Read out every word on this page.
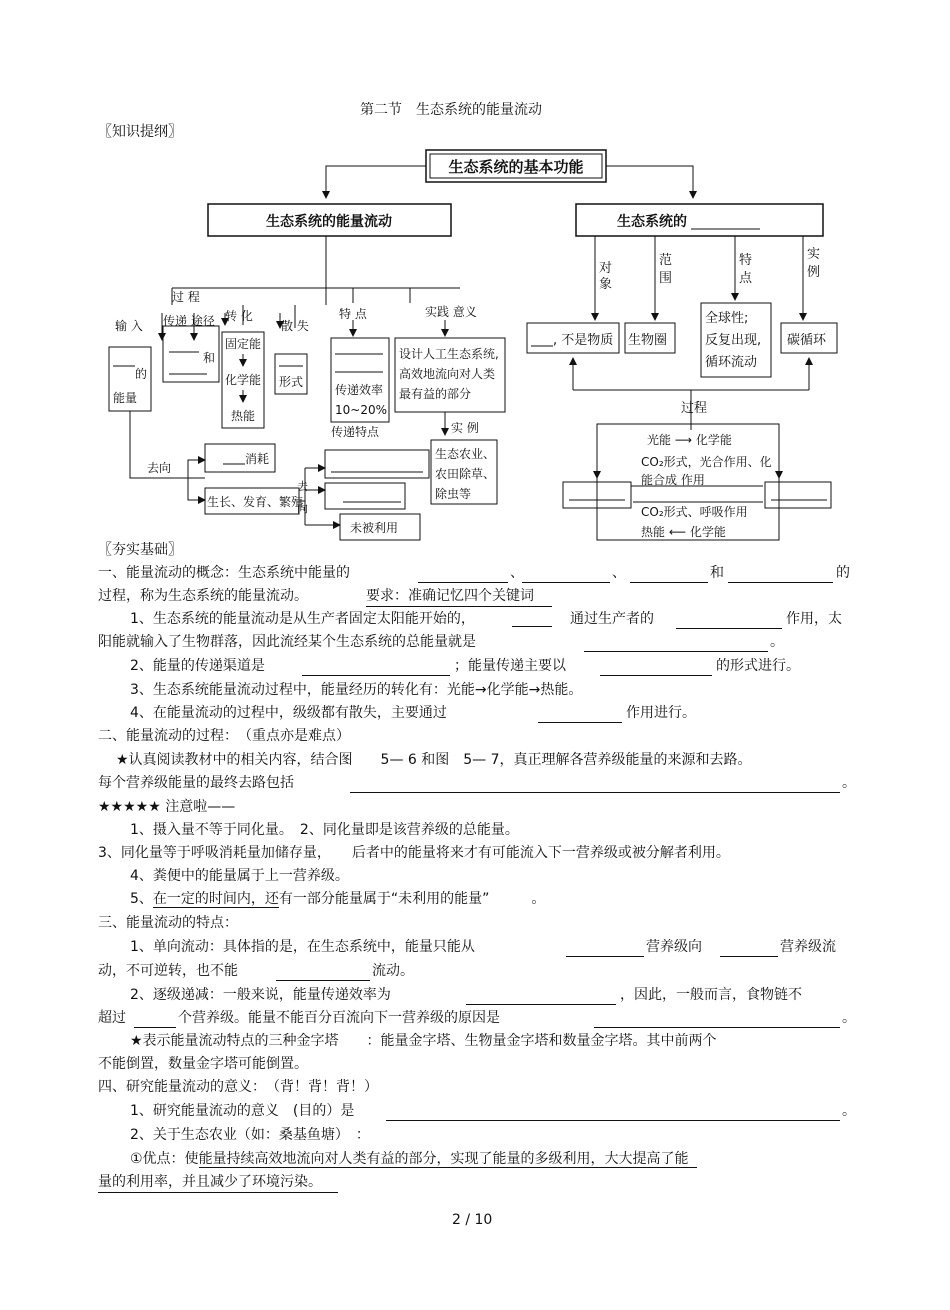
第二节　生态系统的能量流动
〖知识提纲〗
生态系统的基本功能
生态系统的能量流动	生态系统的
过 程
输 入 传递 途径 转 化
散 失
的
能量
和
固定能
化学能
热能
形式
特 点
传递效率
10~20%
传递特点
实践 意义
设计人工生态系统,
高效地流向对人类
最有益的部分
实 例
生态农业、
农田除草、
除虫等
去向
消耗
生长、发育、繁殖
去
向
未被利用
对
象
范
围
特
点
实
例
, 不是物质 生物圈
全球性;
反复出现,
循环流动
碳循环
过程
光能 ⟶ 化学能
CO₂形式，光合作用、化
能合成 作用
CO₂形式、呼吸作用
热能 ⟵ 化学能
〖夯实基础〗
一、能量流动的概念：生态系统中能量的	、	、	和	的
过程，称为生态系统的能量流动。	要求：准确记忆四个关键词
1、生态系统的能量流动是从生产者固定太阳能开始的，	通过生产者的	作用，太
阳能就输入了生物群落，因此流经某个生态系统的总能量就是	。
2、能量的传递渠道是	；能量传递主要以	的形式进行。
3、生态系统能量流动过程中，能量经历的转化有：光能→化学能→热能。
4、在能量流动的过程中，级级都有散失，主要通过	作用进行。
二、能量流动的过程：　（重点亦是难点）
★认真阅读教材中的相关内容，结合图　　5— 6 和图　5— 7，真正理解各营养级能量的来源和去路。
每个营养级能量的最终去路包括	。
★★★★★ 注意啦——
1、摄入量不等于同化量。　2、同化量即是该营养级的总能量。
3、同化量等于呼吸消耗量加储存量，　　后者中的能量将来才有可能流入下一营养级或被分解者利用。
4、粪便中的能量属于上一营养级。
5、在一定的时间内，还有一部分能量属于“未利用的能量”　　　。
三、能量流动的特点：
1、单向流动：具体指的是，在生态系统中，能量只能从	营养级向	营养级流
动，不可逆转，也不能	流动。
2、逐级递减：一般来说，能量传递效率为	，因此，一般而言，食物链不
超过	个营养级。能量不能百分百流向下一营养级的原因是	。
★表示能量流动特点的三种金字塔　　：能量金字塔、生物量金字塔和数量金字塔。其中前两个
不能倒置，数量金字塔可能倒置。
四、研究能量流动的意义：　（背！背！背！）
1、研究能量流动的意义　(目的）是	。
2、关于生态农业（如：桑基鱼塘）　：
①优点：使能量持续高效地流向对人类有益的部分，实现了能量的多级利用，大大提高了能
量的利用率，并且减少了环境污染。
2 / 10
